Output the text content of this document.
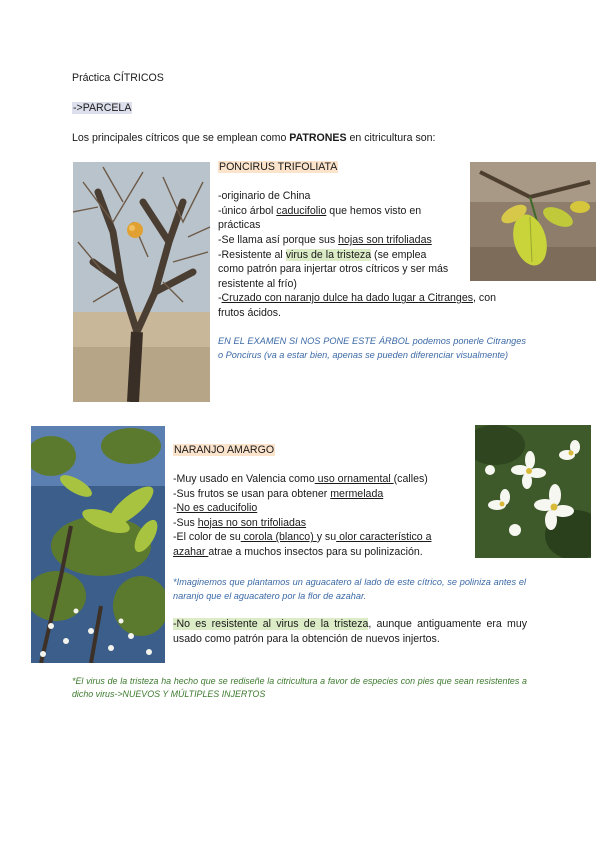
Práctica CÍTRICOS
->PARCELA
Los principales cítricos que se emplean como PATRONES en citricultura son:
PONCIRUS TRIFOLIATA
-originario de China
-único árbol caducifolio que hemos visto en
prácticas
-Se llama así porque sus hojas son trifoliadas
-Resistente al virus de la tristeza (se emplea
como patrón para injertar otros cítricos y ser más
resistente al frío)
-Cruzado con naranjo dulce ha dado lugar a Citranges, con
frutos ácidos.
EN EL EXAMEN SI NOS PONE ESTE ÁRBOL podemos ponerle Citranges o Poncirus (va a estar bien, apenas se pueden diferenciar visualmente)
NARANJO AMARGO
-Muy usado en Valencia como uso ornamental (calles)
-Sus frutos se usan para obtener mermelada
-No es caducifolio
-Sus hojas no son trifoliadas
-El color de su corola (blanco) y su olor característico a
azahar atrae a muchos insectos para su polinización.
*Imaginemos que plantamos un aguacatero al lado de este cítrico, se poliniza antes el naranjo que el aguacatero por la flor de azahar.
-No es resistente al virus de la tristeza, aunque antiguamente era muy usado como patrón para la obtención de nuevos injertos.
*El virus de la tristeza ha hecho que se rediseñe la citricultura a favor de especies con pies que sean resistentes a dicho virus->NUEVOS Y MÚLTIPLES INJERTOS
